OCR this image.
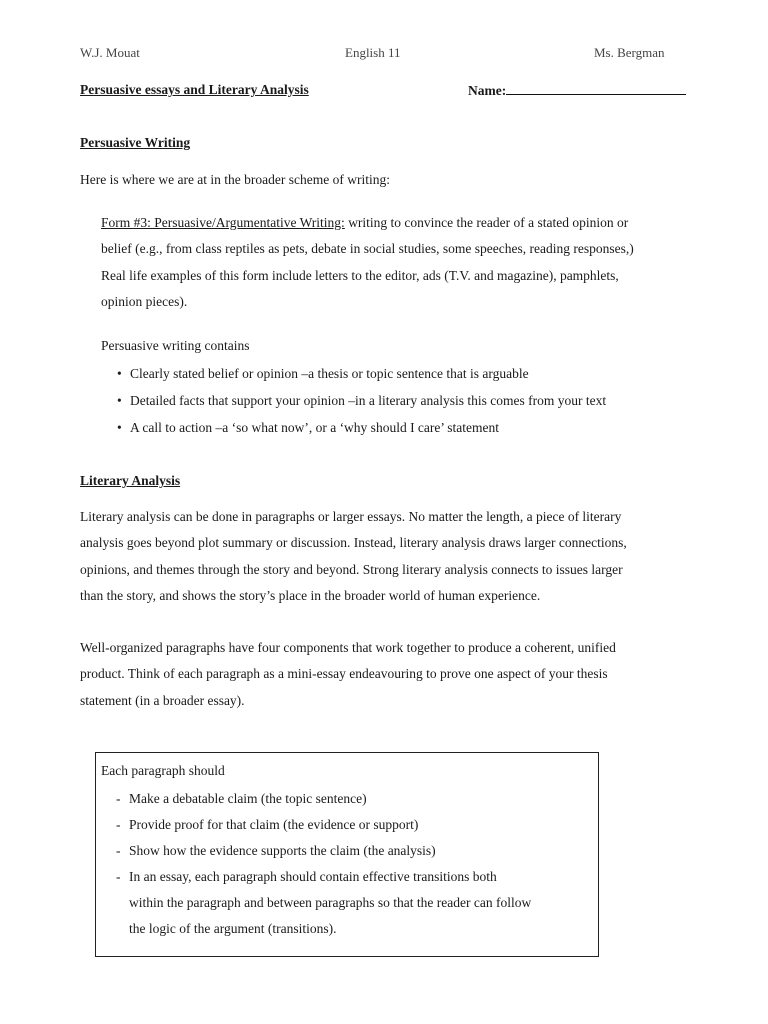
W.J. Mouat	English 11	Ms. Bergman
Persuasive essays and Literary Analysis	Name:
Persuasive Writing
Here is where we are at in the broader scheme of writing:
Form #3: Persuasive/Argumentative Writing: writing to convince the reader of a stated opinion or
belief (e.g., from class reptiles as pets, debate in social studies, some speeches, reading responses,)
Real life examples of this form include letters to the editor, ads (T.V. and magazine), pamphlets,
opinion pieces).
Persuasive writing contains
• Clearly stated belief or opinion –a thesis or topic sentence that is arguable
• Detailed facts that support your opinion –in a literary analysis this comes from your text
• A call to action –a ‘so what now’, or a ‘why should I care’ statement
Literary Analysis
Literary analysis can be done in paragraphs or larger essays. No matter the length, a piece of literary
analysis goes beyond plot summary or discussion. Instead, literary analysis draws larger connections,
opinions, and themes through the story and beyond. Strong literary analysis connects to issues larger
than the story, and shows the story’s place in the broader world of human experience.
Well-organized paragraphs have four components that work together to produce a coherent, unified
product. Think of each paragraph as a mini-essay endeavouring to prove one aspect of your thesis
statement (in a broader essay).
Each paragraph should
- Make a debatable claim (the topic sentence)
- Provide proof for that claim (the evidence or support)
- Show how the evidence supports the claim (the analysis)
- In an essay, each paragraph should contain effective transitions both
within the paragraph and between paragraphs so that the reader can follow
the logic of the argument (transitions).
